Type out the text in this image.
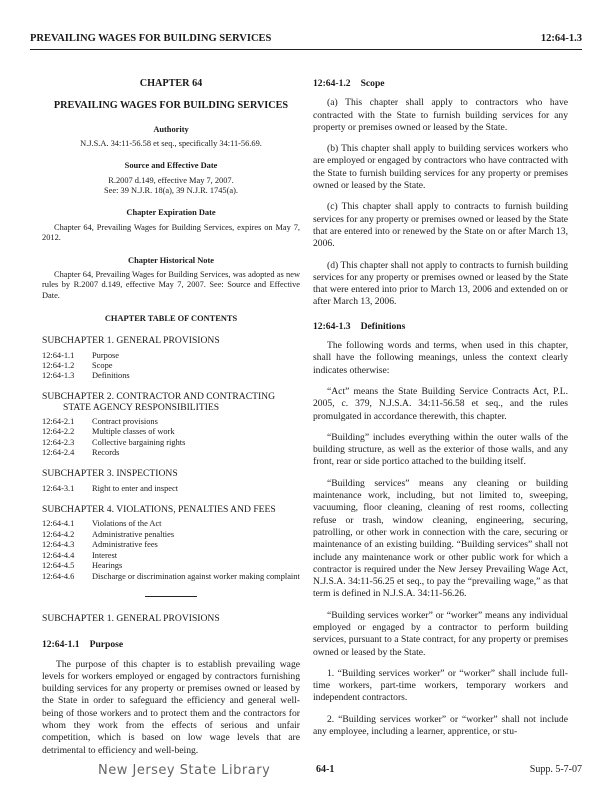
PREVAILING WAGES FOR BUILDING SERVICES	12:64-1.3
CHAPTER 64
PREVAILING WAGES FOR BUILDING SERVICES
Authority
N.J.S.A. 34:11-56.58 et seq., specifically 34:11-56.69.
Source and Effective Date
R.2007 d.149, effective May 7, 2007.
See: 39 N.J.R. 18(a), 39 N.J.R. 1745(a).
Chapter Expiration Date
Chapter 64, Prevailing Wages for Building Services, expires on May 7, 2012.
Chapter Historical Note
Chapter 64, Prevailing Wages for Building Services, was adopted as new rules by R.2007 d.149, effective May 7, 2007. See: Source and Effective Date.
CHAPTER TABLE OF CONTENTS
SUBCHAPTER 1. GENERAL PROVISIONS
12:64-1.1	Purpose
12:64-1.2	Scope
12:64-1.3	Definitions
SUBCHAPTER 2. CONTRACTOR AND CONTRACTING STATE AGENCY RESPONSIBILITIES
12:64-2.1	Contract provisions
12:64-2.2	Multiple classes of work
12:64-2.3	Collective bargaining rights
12:64-2.4	Records
SUBCHAPTER 3. INSPECTIONS
12:64-3.1	Right to enter and inspect
SUBCHAPTER 4. VIOLATIONS, PENALTIES AND FEES
12:64-4.1	Violations of the Act
12:64-4.2	Administrative penalties
12:64-4.3	Administrative fees
12:64-4.4	Interest
12:64-4.5	Hearings
12:64-4.6	Discharge or discrimination against worker making complaint
SUBCHAPTER 1. GENERAL PROVISIONS
12:64-1.1 Purpose
The purpose of this chapter is to establish prevailing wage levels for workers employed or engaged by contractors furnishing building services for any property or premises owned or leased by the State in order to safeguard the efficiency and general well-being of those workers and to protect them and the contractors for whom they work from the effects of serious and unfair competition, which is based on low wage levels that are detrimental to efficiency and well-being.
12:64-1.2 Scope
(a) This chapter shall apply to contractors who have contracted with the State to furnish building services for any property or premises owned or leased by the State.
(b) This chapter shall apply to building services workers who are employed or engaged by contractors who have contracted with the State to furnish building services for any property or premises owned or leased by the State.
(c) This chapter shall apply to contracts to furnish building services for any property or premises owned or leased by the State that are entered into or renewed by the State on or after March 13, 2006.
(d) This chapter shall not apply to contracts to furnish building services for any property or premises owned or leased by the State that were entered into prior to March 13, 2006 and extended on or after March 13, 2006.
12:64-1.3 Definitions
The following words and terms, when used in this chapter, shall have the following meanings, unless the context clearly indicates otherwise:
“Act” means the State Building Service Contracts Act, P.L. 2005, c. 379, N.J.S.A. 34:11-56.58 et seq., and the rules promulgated in accordance therewith, this chapter.
“Building” includes everything within the outer walls of the building structure, as well as the exterior of those walls, and any front, rear or side portico attached to the building itself.
“Building services” means any cleaning or building maintenance work, including, but not limited to, sweeping, vacuuming, floor cleaning, cleaning of rest rooms, collecting refuse or trash, window cleaning, engineering, securing, patrolling, or other work in connection with the care, securing or maintenance of an existing building. “Building services” shall not include any maintenance work or other public work for which a contractor is required under the New Jersey Prevailing Wage Act, N.J.S.A. 34:11-56.25 et seq., to pay the “prevailing wage,” as that term is defined in N.J.S.A. 34:11-56.26.
“Building services worker” or “worker” means any individual employed or engaged by a contractor to perform building services, pursuant to a State contract, for any property or premises owned or leased by the State.
1. “Building services worker” or “worker” shall include full-time workers, part-time workers, temporary workers and independent contractors.
2. “Building services worker” or “worker” shall not include any employee, including a learner, apprentice, or stu-
New Jersey State Library	64-1	Supp. 5-7-07
